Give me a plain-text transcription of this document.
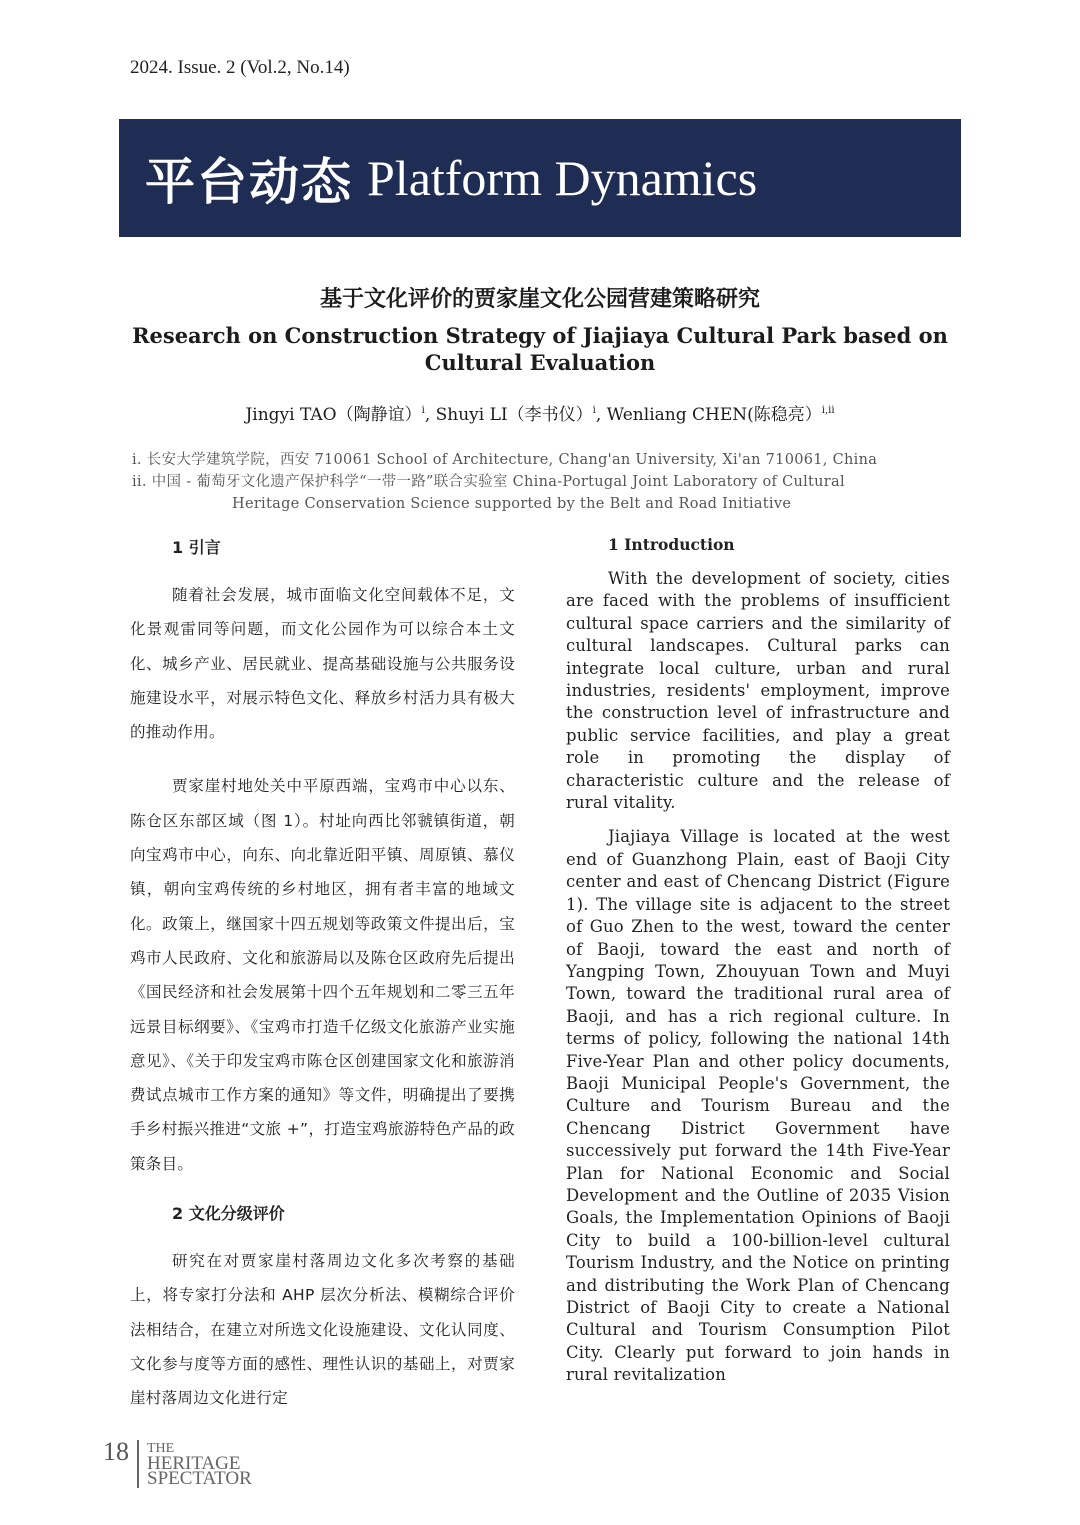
2024. Issue. 2 (Vol.2, No.14)
平台动态 Platform Dynamics
基于文化评价的贾家崖文化公园营建策略研究
Research on Construction Strategy of Jiajiaya Cultural Park based on Cultural Evaluation
Jingyi TAO（陶静谊）$^i$, Shuyi LI（李书仪）$^i$, Wenliang CHEN(陈稳亮）$^{i,ii}$
i. 长安大学建筑学院，西安 710061 School of Architecture, Chang'an University, Xi'an 710061, China
ii. 中国 - 葡萄牙文化遗产保护科学“一带一路”联合实验室 China-Portugal Joint Laboratory of Cultural
Heritage Conservation Science supported by the Belt and Road Initiative
1 引言

随着社会发展，城市面临文化空间载体不足，文化景观雷同等问题，而文化公园作为可以综合本土文化、城乡产业、居民就业、提高基础设施与公共服务设施建设水平，对展示特色文化、释放乡村活力具有极大的推动作用。

贾家崖村地处关中平原西端，宝鸡市中心以东、陈仓区东部区域（图 1）。村址向西比邻虢镇街道，朝向宝鸡市中心，向东、向北靠近阳平镇、周原镇、慕仪镇，朝向宝鸡传统的乡村地区，拥有者丰富的地域文化。政策上，继国家十四五规划等政策文件提出后，宝鸡市人民政府、文化和旅游局以及陈仓区政府先后提出《国民经济和社会发展第十四个五年规划和二零三五年远景目标纲要》、《宝鸡市打造千亿级文化旅游产业实施意见》、《关于印发宝鸡市陈仓区创建国家文化和旅游消费试点城市工作方案的通知》等文件，明确提出了要携手乡村振兴推进“文旅 +”，打造宝鸡旅游特色产品的政策条目。

2 文化分级评价

研究在对贾家崖村落周边文化多次考察的基础上，将专家打分法和 AHP 层次分析法、模糊综合评价法相结合，在建立对所选文化设施建设、文化认同度、文化参与度等方面的感性、理性认识的基础上，对贾家崖村落周边文化进行定

1 Introduction

With the development of society, cities are faced with the problems of insufficient cultural space carriers and the similarity of cultural landscapes. Cultural parks can integrate local culture, urban and rural industries, residents' employment, improve the construction level of infrastructure and public service facilities, and play a great role in promoting the display of characteristic culture and the release of rural vitality.

Jiajiaya Village is located at the west end of Guanzhong Plain, east of Baoji City center and east of Chencang District (Figure 1). The village site is adjacent to the street of Guo Zhen to the west, toward the center of Baoji, toward the east and north of Yangping Town, Zhouyuan Town and Muyi Town, toward the traditional rural area of Baoji, and has a rich regional culture. In terms of policy, following the national 14th Five-Year Plan and other policy documents, Baoji Municipal People's Government, the Culture and Tourism Bureau and the Chencang District Government have successively put forward the 14th Five-Year Plan for National Economic and Social Development and the Outline of 2035 Vision Goals, the Implementation Opinions of Baoji City to build a 100-billion-level cultural Tourism Industry, and the Notice on printing and distributing the Work Plan of Chencang District of Baoji City to create a National Cultural and Tourism Consumption Pilot City. Clearly put forward to join hands in rural revitalization

18 THE
HERITAGE
SPECTATOR
